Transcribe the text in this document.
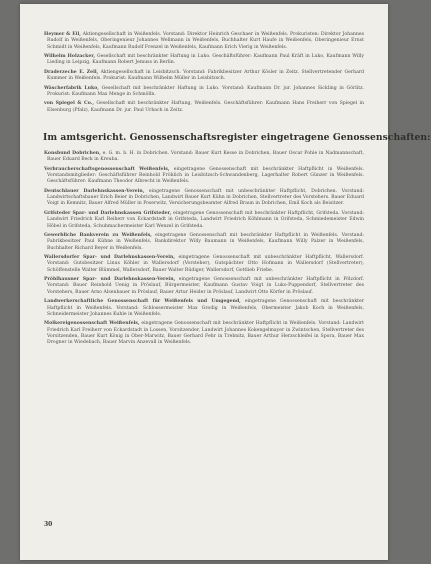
Heymer & Eil, Aktiengesellschaft in Weißenfels. Vorstand: Direktor Heinrich Geschaer in Weißenfels. Prokuristen: Direktor Johannes Rudolf in Weißenfels, Oberingenieur Johannes Wellmann in Weißenfels, Buchhalter Kurt Haufe in Weißenfels, Oberingenieur Ernst Schmidt in Weißenfels, Kaufmann Rudolf Frenzel in Weißenfels, Kaufmann Erich Vierig in Weißenfels.
Wilhelm Holzacker, Gesellschaft mit beschränkter Haftung in Luko. Geschäftsführer: Kaufmann Paul Kräft in Luko, Kaufmann Willy Lieding in Leipzig, Kaufmann Robert Jemuss in Berlin.
Draderzeche E. Zell, Aktiengesellschaft in Leisbitzsch. Vorstand: Fabrikbesitzer Arthur Kösler in Zeitz. Stellvertretender Gerhard Kummer in Weißenfels. Prokurist: Kaufmann Wilhelm Müller in Leisbitzsch.
Wäscherfabrik Luko, Gesellschaft mit beschränkter Haftung in Luko. Vorstand: Kaufmann Dr. jur. Johannes Sickling in Görlitz. Prokurist: Kaufmann Max Menge in Schmölln.
von Spiegel & Co., Gesellschaft mit beschränkter Haftung, Weißenfels. Geschäftsführer: Kaufmann Hans Freiherr von Spiegel in Elsenburg (Pfalz), Kaufmann Dr. jur. Paul Urbach in Zeitz.
Im amtsgericht. Genossenschaftsregister eingetragene Genossenschaften:
Konsbund Dobrichen, e. G. m. b. H. in Dobrichen. Vorstand: Bauer Kurt Kesse in Dobrichen, Bauer Oscar Pohle in Nadmannschaft, Bauer Eduard Beck in Kreuba.
Verbraucherschaftsgenossenschaft Weißenfels, eingetragene Genossenschaft mit beschränkter Haftpflicht in Weißenfels. Vorstandsmitglieder: Geschäftsführer Reinhold Fröhlich in Leisbitzsch-Schwandenberg, Lagerhalter Robert Günzer in Weißenfels. Geschäftsführer: Kaufmann Theodor Albrecht in Weißenfels.
Deutschlauer Darlehnskassen-Verein, eingetragene Genossenschaft mit unbeschränkter Haftpflicht, Dobrichen. Vorstand: Landwirtschaftsbauer Erich Beier in Dobrichen, Landwirt Bauer Kurt Kühn in Dobrichen, Stellvertreter des Vorstehers. Bauer Eduard Voigt in Kemnitz, Bauer Alfred Müller in Poserwitz, Versicherungsbeamter Alfred Braun in Dobrichen, Emil Koch als Beisitzer.
Grifsteder Spar- und Darlehnskassen Grifsteder, eingetragene Genossenschaft mit beschränkter Haftpflicht, Grifsteda. Vorstand: Landwirt Friedrich Karl Reiherr von Eckardstadt in Grifsteda, Landwirt Friedrich Köhlmann in Grifsteda, Schmiedemeister Edwin Höbel in Grifsteda, Schuhmachermeister Karl Wenzel in Grifsteda.
Gewerbliche Bankverein zu Weißenfels, eingetragene Genossenschaft mit beschränkter Haftpflicht in Weißenfels. Vorstand: Fabrikbesitzer Paul Kühne in Weißenfels, Bankdirektor Willy Baumann in Weißenfels, Kaufmann Willy Palzer in Weißenfels, Buchhalter Richard Beyer in Weißenfels.
Wallersdorfer Spar- und Darlehnskassen-Verein, eingetragene Genossenschaft mit unbeschränkter Haftpflicht, Wallersdorf. Vorstand: Gutsbesitzer Linus Köhler in Wallersdorf (Vorsteher), Gutspächter Otto Hofmann in Wallersdorf (Stellvertreter), Schöffenstelle Walter Blümmel, Wallersdorf, Bauer Walter Rüdiger, Wallersdorf, Gottlieb Friebe.
Pröblhausner Spar- und Darlehnskassen-Verein, eingetragene Genossenschaft mit unbeschränkter Haftpflicht in Pölzdorf. Vorstand: Bauer Reinhold Uenig in Pröslauf, Bürgermeister, Kaufmann Gustav Voigt in Luko-Puppendorf, Stellvertreter des Vorstehers, Bauer Arno Alsenbauer in Pröslauf, Bauer Artur Heider in Pröslauf, Landwirt Otto Körfer in Pröslauf.
Landwerkerschaftliche Genossenschaft für Weißenfels und Umgegend, eingetragene Genossenschaft mit beschränkter Haftpflicht in Weißenfels. Vorstand: Schlossermeister Max Grodig in Weißenfels, Obermeister Jakob Koch in Weißenfels, Schneidermeister Johannes Kuhle in Weißenfels.
Molkereigenossenschaft Weißenfels, eingetragene Genossenschaft mit beschränkter Haftpflicht in Weißenfels. Vorstand: Landwirt Friedrich Karl Freiherr von Eckardstadt in Lossen, Vorsitzender, Landwirt Johannes Kokengelmayer in Zwintschen, Stellvertreter des Vorsitzenden, Bauer Kurt König in Ober-Marwitz, Bauer Gerhard Fehr in Trebnitz, Bauer Arthur Herzschleifel in Spora, Bauer Max Drogner in Wiedebach, Bauer Marvin Anzevall in Weißenfels.
30
